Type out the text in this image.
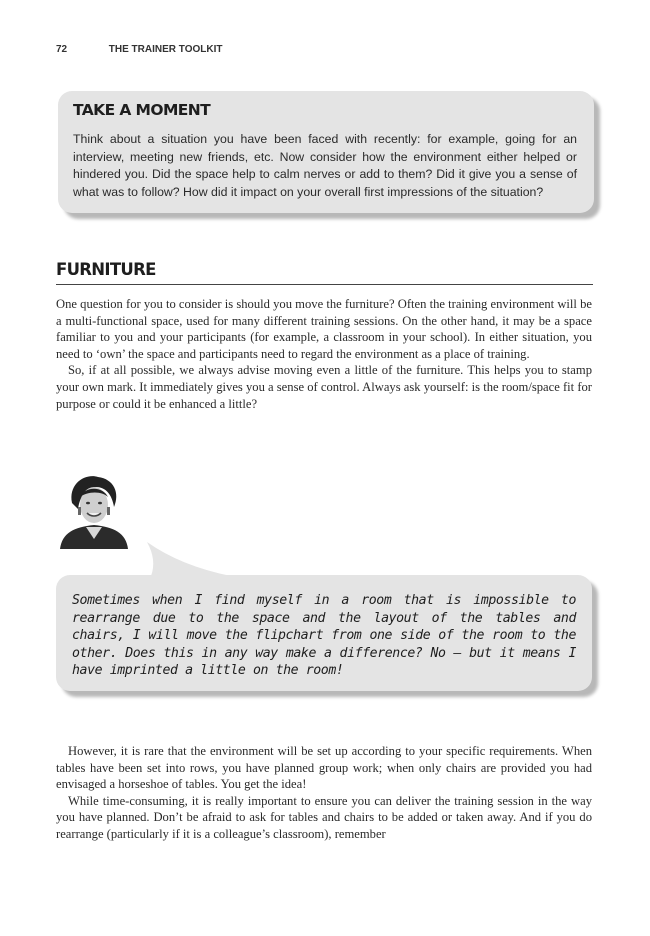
72	THE TRAINER TOOLKIT
TAKE A MOMENT
Think about a situation you have been faced with recently: for example, going for an interview, meeting new friends, etc. Now consider how the environment either helped or hindered you. Did the space help to calm nerves or add to them? Did it give you a sense of what was to follow? How did it impact on your overall first impressions of the situation?
FURNITURE

One question for you to consider is should you move the furniture? Often the training environment will be a multi-functional space, used for many different training sessions. On the other hand, it may be a space familiar to you and your participants (for example, a classroom in your school). In either situation, you need to ‘own’ the space and participants need to regard the environment as a place of training.

So, if at all possible, we always advise moving even a little of the furniture. This helps you to stamp your own mark. It immediately gives you a sense of control. Always ask yourself: is the room/space fit for purpose or could it be enhanced a little?

Sometimes when I find myself in a room that is impossible to rearrange due to the space and the layout of the tables and chairs, I will move the flipchart from one side of the room to the other. Does this in any way make a difference? No – but it means I have imprinted a little on the room!

However, it is rare that the environment will be set up according to your specific requirements. When tables have been set into rows, you have planned group work; when only chairs are provided you had envisaged a horseshoe of tables. You get the idea!

While time-consuming, it is really important to ensure you can deliver the training session in the way you have planned. Don’t be afraid to ask for tables and chairs to be added or taken away. And if you do rearrange (particularly if it is a colleague’s classroom), remember
